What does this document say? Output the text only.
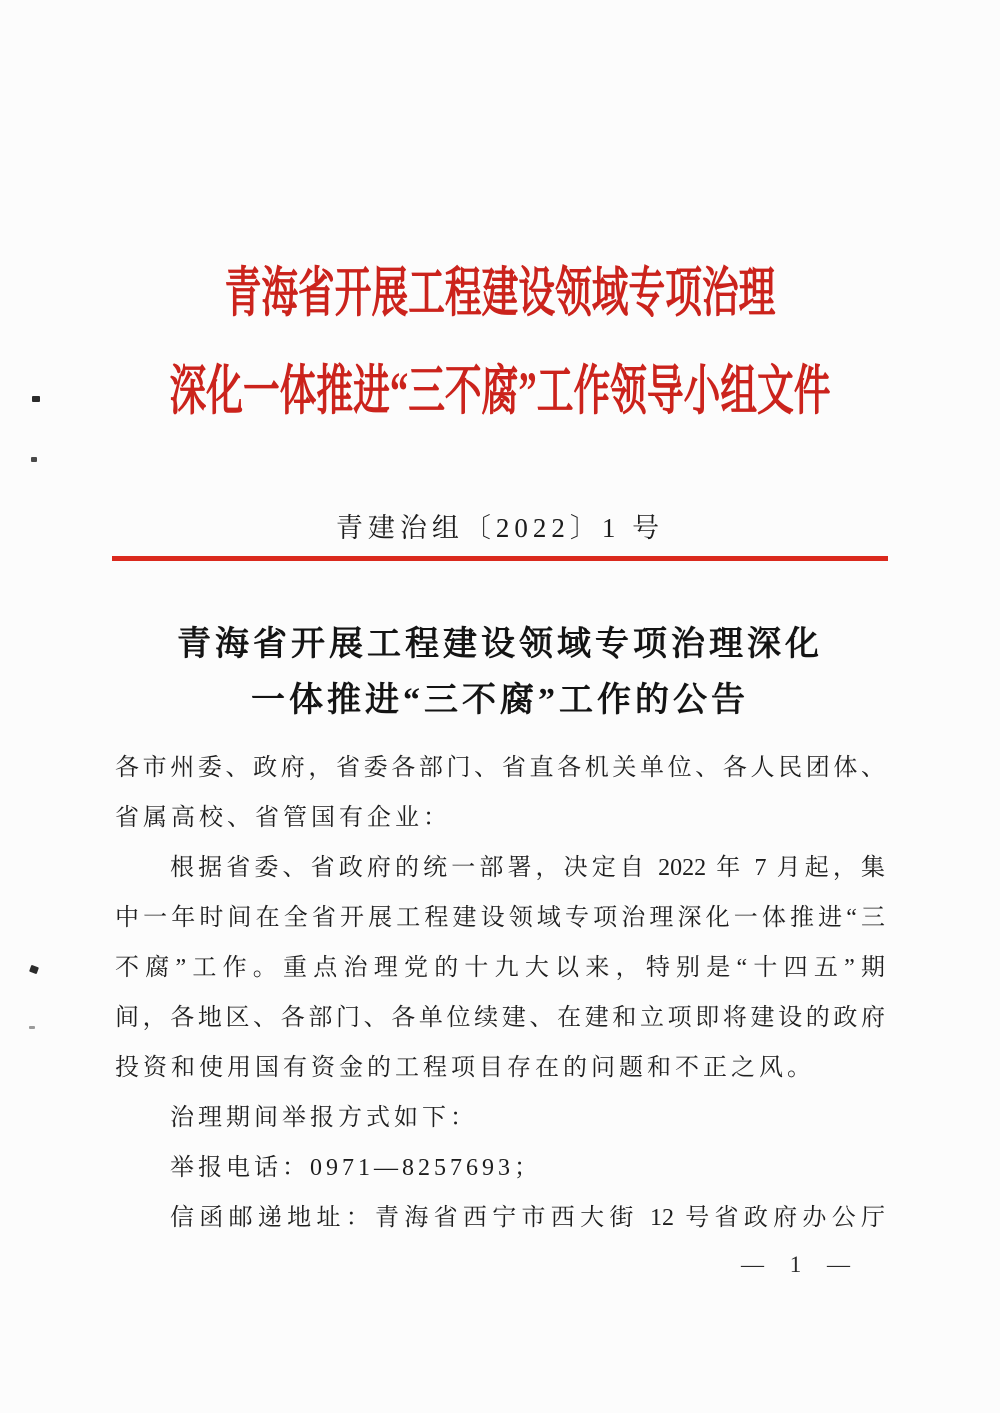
青海省开展工程建设领域专项治理
深化一体推进“三不腐”工作领导小组文件
青建治组〔2022〕1 号
青海省开展工程建设领域专项治理深化
一体推进“三不腐”工作的公告
各市州委、政府，省委各部门、省直各机关单位、各人民团体、
省属高校、省管国有企业：
根据省委、省政府的统一部署，决定自 2022 年 7 月起，集
中一年时间在全省开展工程建设领域专项治理深化一体推进“三
不腐”工作。重点治理党的十九大以来，特别是“十四五”期
间，各地区、各部门、各单位续建、在建和立项即将建设的政府
投资和使用国有资金的工程项目存在的问题和不正之风。
治理期间举报方式如下：
举报电话：0971—8257693；
信函邮递地址：青海省西宁市西大街 12 号省政府办公厅
— 1 —
